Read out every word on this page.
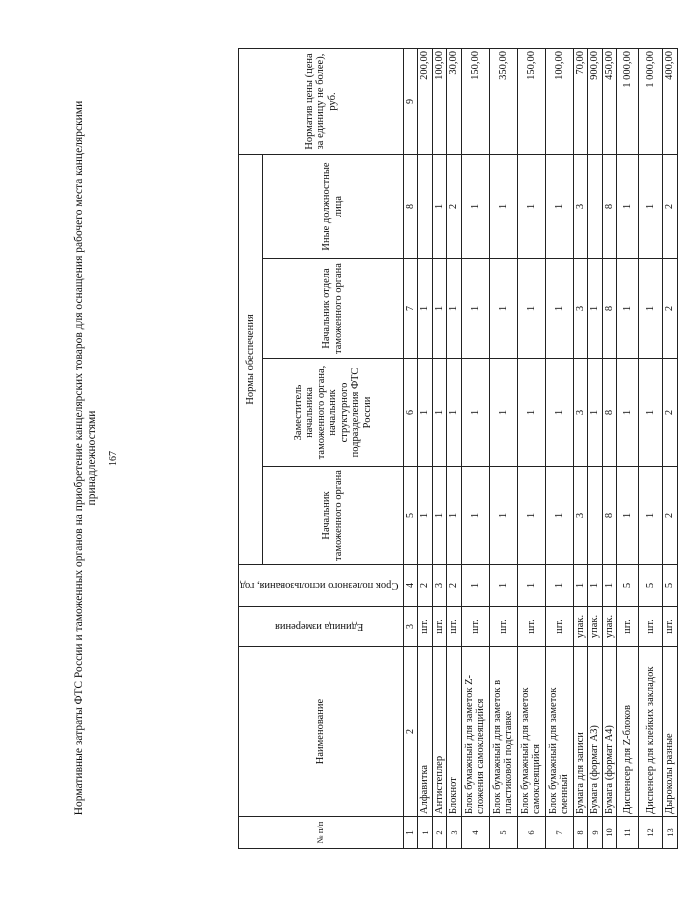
167
Нормативные затраты ФТС России и таможенных органов на приобретение канцелярских товаров для оснащения рабочего места канцелярскими принадлежностями
№ п/п	Наименование	Единица измерения	Срок полезного использования, год	Нормы обеспечения				Норматив цены (цена за единицу не более), руб.
				Начальник таможенного органа	Заместитель начальника таможенного органа, начальник структурного подразделения ФТС России	Начальник отдела таможенного органа	Иные должностные лица	
1	2	3	4	5	6	7	8	9
1	Алфавитка	шт.	2	1	1	1		200,00
2	Антистеплер	шт.	3	1	1	1	1	100,00
3	Блокнот	шт.	2	1	1	1	2	30,00
4	Блок бумажный для заметок Z-сложения самоклеящийся	шт.	1	1	1	1	1	150,00
5	Блок бумажный для заметок в пластиковой подставке	шт.	1	1	1	1	1	350,00
6	Блок бумажный для заметок самоклеящийся	шт.	1	1	1	1	1	150,00
7	Блок бумажный для заметок сменный	шт.	1	1	1	1	1	100,00
8	Бумага для записи	упак.	1	3	3	3	3	70,00
9	Бумага (формат А3)	упак.	1		1	1		900,00
10	Бумага (формат А4)	упак.	1	8	8	8	8	450,00
11	Диспенсер для Z-блоков	шт.	5	1	1	1	1	1 000,00
12	Диспенсер для клейких закладок	шт.	5	1	1	1	1	1 000,00
13	Дыроколы разные	шт.	5	2	2	2	2	400,00
